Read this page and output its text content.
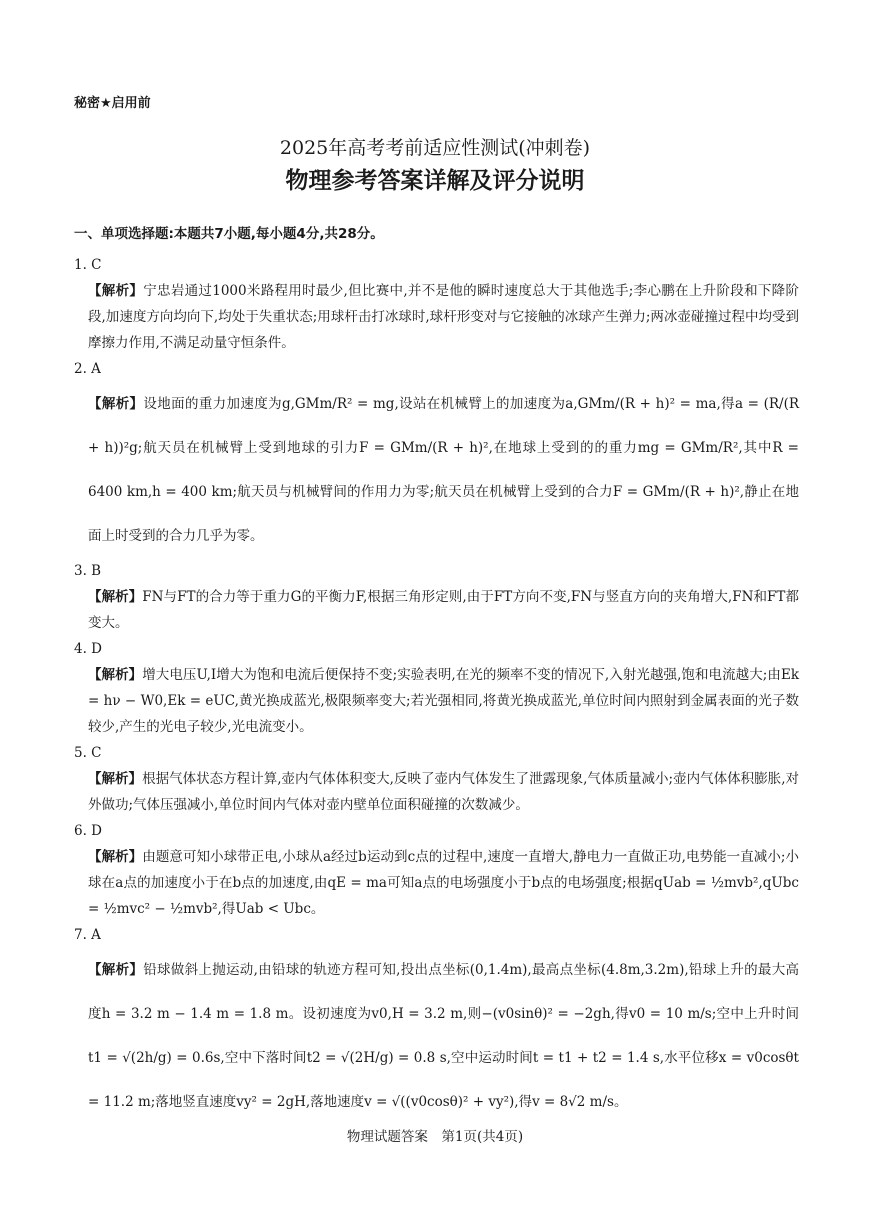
秘密★启用前
2025年高考考前适应性测试(冲刺卷)
物理参考答案详解及评分说明
一、单项选择题:本题共7小题,每小题4分,共28分。
1. C
【解析】宁忠岩通过1000米路程用时最少,但比赛中,并不是他的瞬时速度总大于其他选手;李心鹏在上升阶段和下降阶段,加速度方向均向下,均处于失重状态;用球杆击打冰球时,球杆形变对与它接触的冰球产生弹力;两冰壶碰撞过程中均受到摩擦力作用,不满足动量守恒条件。
2. A
【解析】设地面的重力加速度为g,GMm/R² = mg,设站在机械臂上的加速度为a,GMm/(R + h)² = ma,得a = (R/(R + h))²g;航天员在机械臂上受到地球的引力F = GMm/(R + h)²,在地球上受到的的重力mg = GMm/R²,其中R = 6400 km,h = 400 km;航天员与机械臂间的作用力为零;航天员在机械臂上受到的合力F = GMm/(R + h)²,静止在地面上时受到的合力几乎为零。
3. B
【解析】FN与FT的合力等于重力G的平衡力F,根据三角形定则,由于FT方向不变,FN与竖直方向的夹角增大,FN和FT都变大。
4. D
【解析】增大电压U,I增大为饱和电流后便保持不变;实验表明,在光的频率不变的情况下,入射光越强,饱和电流越大;由Ek = hν − W0,Ek = eUC,黄光换成蓝光,极限频率变大;若光强相同,将黄光换成蓝光,单位时间内照射到金属表面的光子数较少,产生的光电子较少,光电流变小。
5. C
【解析】根据气体状态方程计算,壶内气体体积变大,反映了壶内气体发生了泄露现象,气体质量减小;壶内气体体积膨胀,对外做功;气体压强减小,单位时间内气体对壶内壁单位面积碰撞的次数减少。
6. D
【解析】由题意可知小球带正电,小球从a经过b运动到c点的过程中,速度一直增大,静电力一直做正功,电势能一直减小;小球在a点的加速度小于在b点的加速度,由qE = ma可知a点的电场强度小于b点的电场强度;根据qUab = ½mvb²,qUbc = ½mvc² − ½mvb²,得Uab < Ubc。
7. A
【解析】铅球做斜上抛运动,由铅球的轨迹方程可知,投出点坐标(0,1.4m),最高点坐标(4.8m,3.2m),铅球上升的最大高度h = 3.2 m − 1.4 m = 1.8 m。设初速度为v0,H = 3.2 m,则−(v0sinθ)² = −2gh,得v0 = 10 m/s;空中上升时间t1 = √(2h/g) = 0.6s,空中下落时间t2 = √(2H/g) = 0.8 s,空中运动时间t = t1 + t2 = 1.4 s,水平位移x = v0cosθt = 11.2 m;落地竖直速度vy² = 2gH,落地速度v = √((v0cosθ)² + vy²),得v = 8√2 m/s。
物理试题答案　第1页(共4页)
